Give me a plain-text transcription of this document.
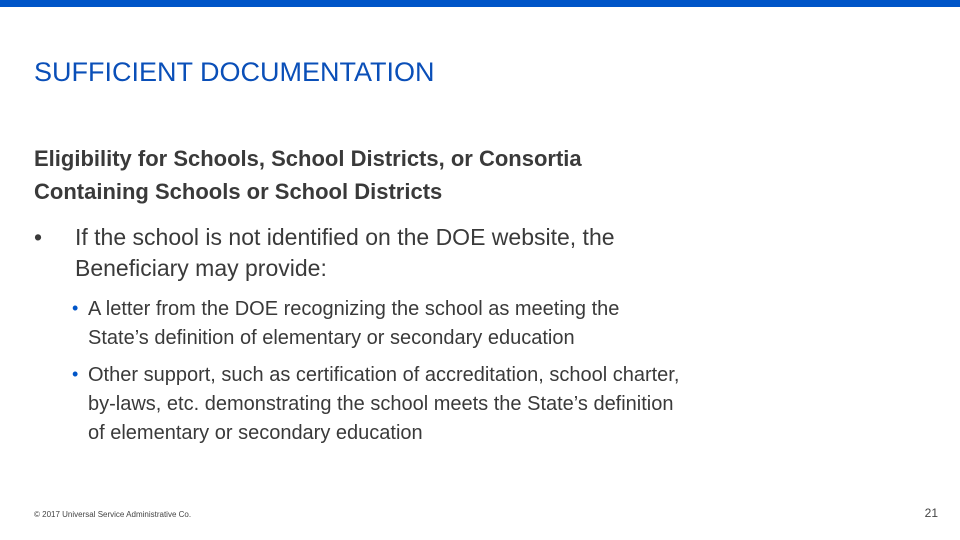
SUFFICIENT DOCUMENTATION
Eligibility for Schools, School Districts, or Consortia
Containing Schools or School Districts
• If the school is not identified on the DOE website, the
Beneficiary may provide:
• A letter from the DOE recognizing the school as meeting the
State’s definition of elementary or secondary education
• Other support, such as certification of accreditation, school charter,
by-laws, etc. demonstrating the school meets the State’s definition
of elementary or secondary education
© 2017 Universal Service Administrative Co.	21
